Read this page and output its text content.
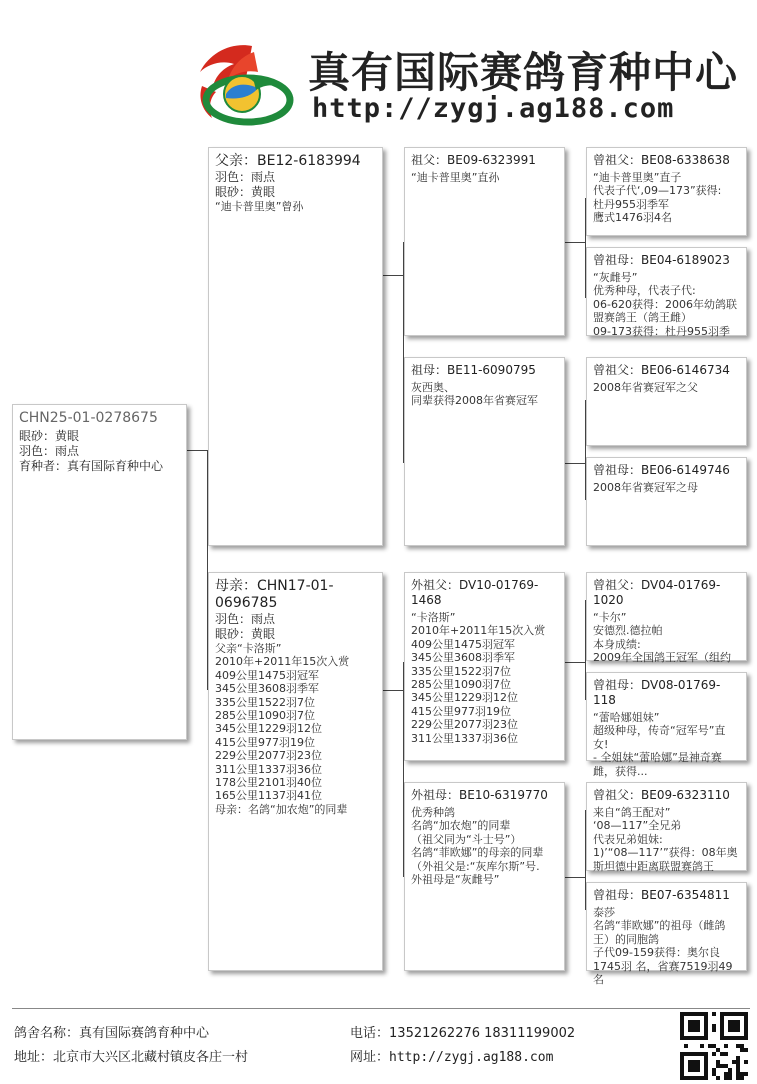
真有国际赛鸽育种中心
http://zygj.ag188.com
CHN25-01-0278675
眼砂：黄眼
羽色：雨点
育种者：真有国际育种中心
父亲：BE12-6183994
羽色：雨点
眼砂：黄眼
“迪卡普里奥”曾孙
母亲：CHN17-01-0696785
羽色：雨点
眼砂：黄眼
父亲“卡洛斯”
2010年+2011年15次入赏
409公里1475羽冠军
345公里3608羽季军
335公里1522羽7位
285公里1090羽7位
345公里1229羽12位
415公里977羽19位
229公里2077羽23位
311公里1337羽36位
178公里2101羽40位
165公里1137羽41位
母亲：名鸽“加农炮”的同辈
祖父：BE09-6323991
“迪卡普里奥”直孙
祖母：BE11-6090795
灰西奥、
同辈获得2008年省赛冠军
外祖父：DV10-01769-1468
“卡洛斯”
2010年+2011年15次入赏
409公里1475羽冠军
345公里3608羽季军
335公里1522羽7位
285公里1090羽7位
345公里1229羽12位
415公里977羽19位
229公里2077羽23位
311公里1337羽36位
外祖母：BE10-6319770
优秀种鸽
名鸽“加农炮”的同辈
（祖父同为“斗士号”）
名鸽“菲欧娜”的母亲的同辈
（外祖父是:“灰库尔斯”号.
外祖母是“灰雌号”
曾祖父：BE08-6338638
“迪卡普里奥”直子
代表子代‘,09—173”获得:
杜丹955羽季军
鹰式1476羽4名
曾祖母：BE04-6189023
“灰雌号”
优秀种母，代表子代:
06-620获得：2006年幼鸽联盟赛鸽王（鸽王雌）
09-173获得：杜丹955羽季
曾祖父：BE06-6146734
2008年省赛冠军之父
曾祖母：BE06-6149746
2008年省赛冠军之母
曾祖父：DV04-01769-1020
“卡尔”
安德烈.德拉帕
本身成绩:
2009年全国鸽王冠军（组约
曾祖母：DV08-01769-118
“蕾哈娜姐妹”
超级种母，传奇“冠军号”直女!
- 全姐妹“蕾哈娜”是神奇赛雌，获得...
曾祖父：BE09-6323110
来自“鸽王配对”
‘08—117”全兄弟
代表兄弟姐妹:
1)’“08—117’”获得：08年奥斯坦德中距离联盟赛鸽王
曾祖母：BE07-6354811
泰莎
名鸽“菲欧娜”的祖母（雌鸽王）的同胞鸽
子代09-159获得：奥尔良1745羽 名，省赛7519羽49名
鸽舍名称：真有国际赛鸽育种中心
地址：北京市大兴区北藏村镇皮各庄一村
电话：13521262276 18311199002
网址：http://zygj.ag188.com
